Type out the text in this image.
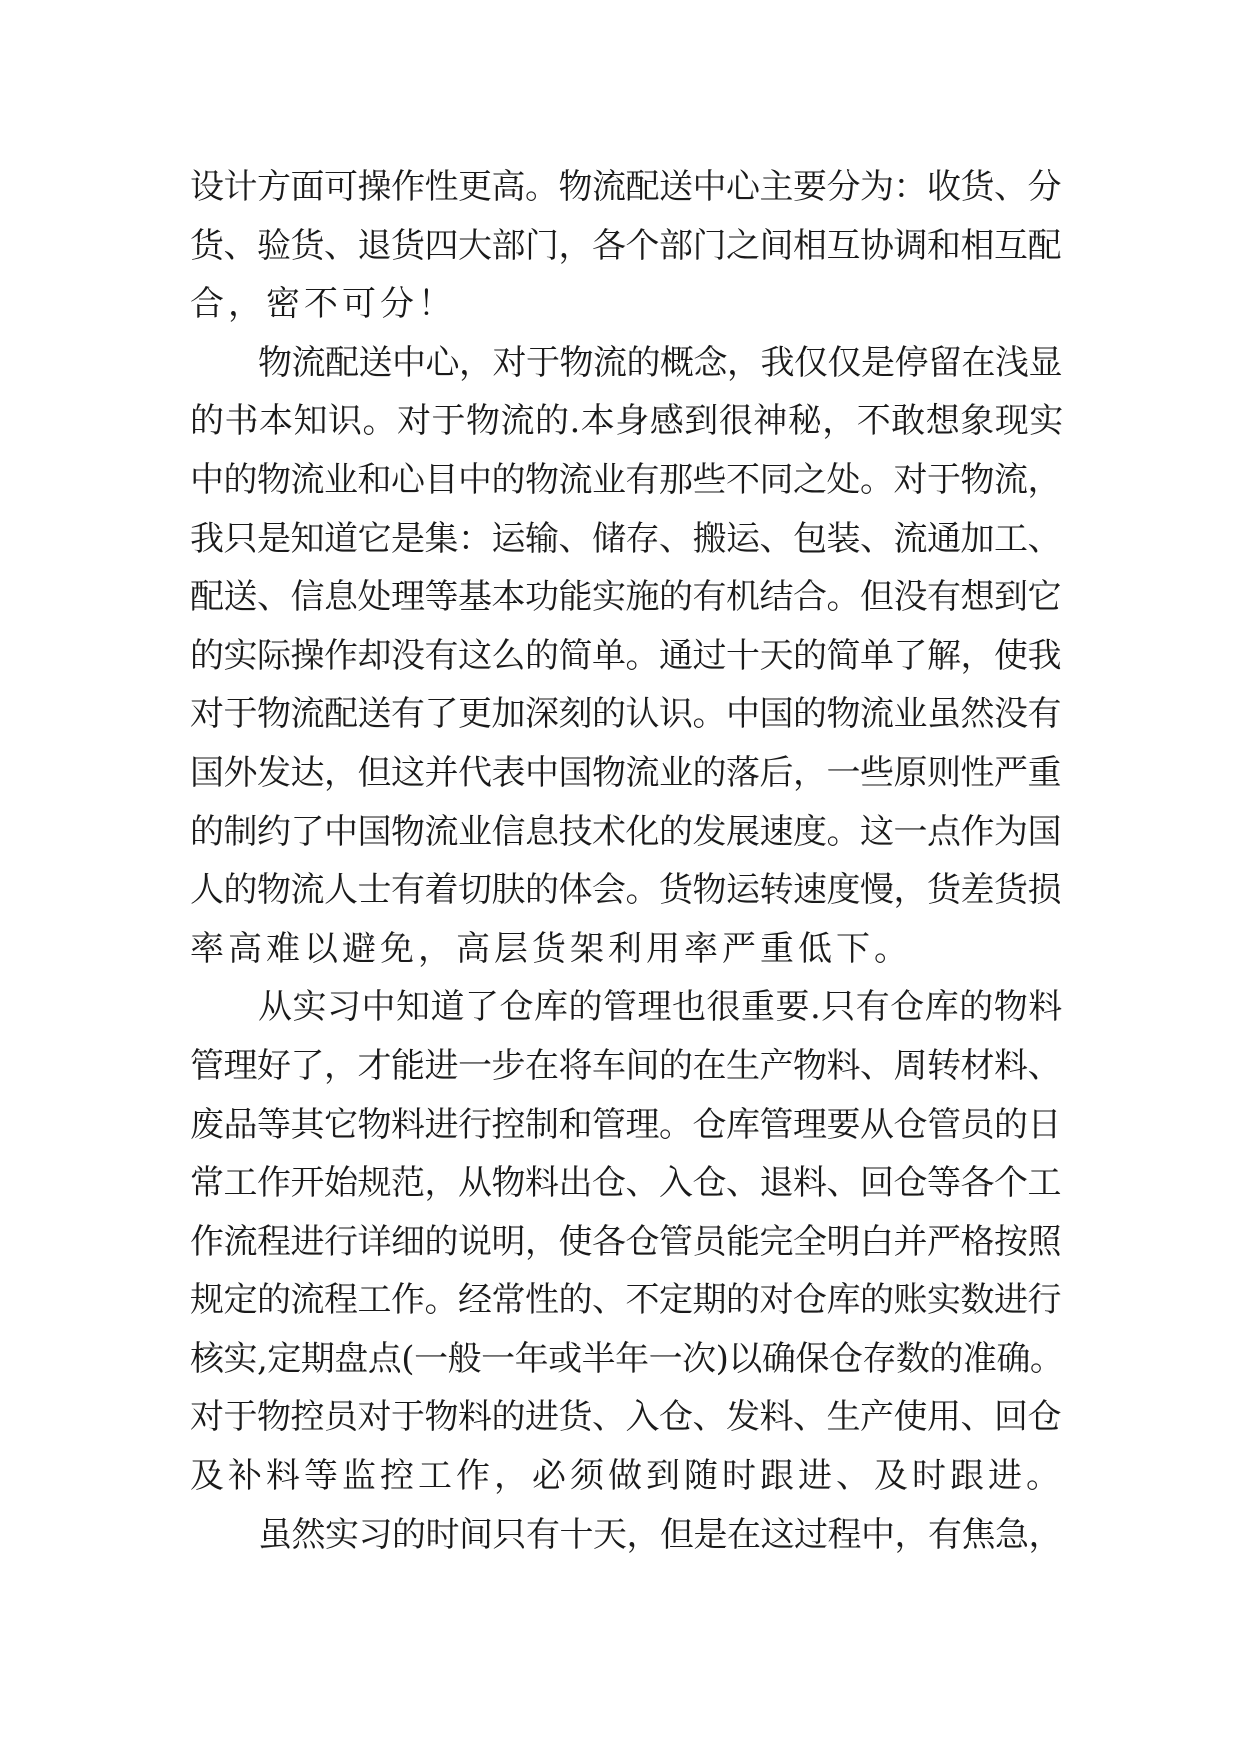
设计方面可操作性更高。物流配送中心主要分为：收货、分
货、验货、退货四大部门，各个部门之间相互协调和相互配
合，密不可分！
物流配送中心，对于物流的概念，我仅仅是停留在浅显
的书本知识。对于物流的.本身感到很神秘，不敢想象现实
中的物流业和心目中的物流业有那些不同之处。对于物流，
我只是知道它是集：运输、储存、搬运、包装、流通加工、
配送、信息处理等基本功能实施的有机结合。但没有想到它
的实际操作却没有这么的简单。通过十天的简单了解，使我
对于物流配送有了更加深刻的认识。中国的物流业虽然没有
国外发达，但这并代表中国物流业的落后，一些原则性严重
的制约了中国物流业信息技术化的发展速度。这一点作为国
人的物流人士有着切肤的体会。货物运转速度慢，货差货损
率高难以避免，高层货架利用率严重低下。
从实习中知道了仓库的管理也很重要.只有仓库的物料
管理好了，才能进一步在将车间的在生产物料、周转材料、
废品等其它物料进行控制和管理。仓库管理要从仓管员的日
常工作开始规范，从物料出仓、入仓、退料、回仓等各个工
作流程进行详细的说明，使各仓管员能完全明白并严格按照
规定的流程工作。经常性的、不定期的对仓库的账实数进行
核实,定期盘点(一般一年或半年一次)以确保仓存数的准确。
对于物控员对于物料的进货、入仓、发料、生产使用、回仓
及补料等监控工作，必须做到随时跟进、及时跟进。
虽然实习的时间只有十天，但是在这过程中，有焦急，
